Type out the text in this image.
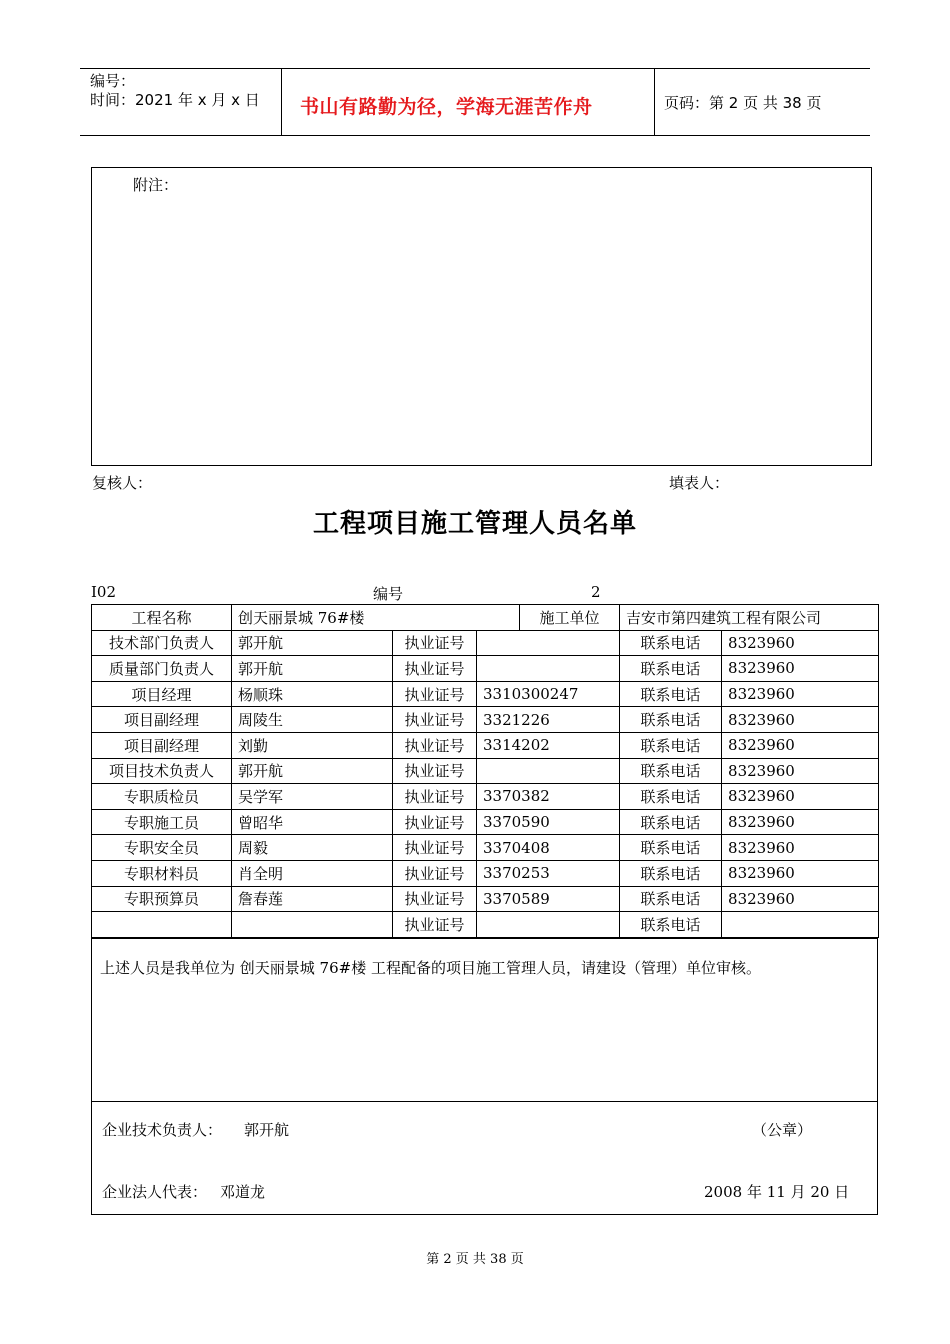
编号：
时间：2021 年 x 月 x 日 书山有路勤为径，学海无涯苦作舟	页码：第 2 页 共 38 页
附注：
复核人：	填表人：
工程项目施工管理人员名单
I02	编号	2
工程名称	创天丽景城 76#楼			施工单位	吉安市第四建筑工程有限公司	
技术部门负责人	郭开航	执业证号			联系电话	8323960
质量部门负责人	郭开航	执业证号			联系电话	8323960
项目经理	杨顺珠	执业证号	3310300247		联系电话	8323960
项目副经理	周陵生	执业证号	3321226		联系电话	8323960
项目副经理	刘勤	执业证号	3314202		联系电话	8323960
项目技术负责人	郭开航	执业证号			联系电话	8323960
专职质检员	吴学军	执业证号	3370382		联系电话	8323960
专职施工员	曾昭华	执业证号	3370590		联系电话	8323960
专职安全员	周毅	执业证号	3370408		联系电话	8323960
专职材料员	肖全明	执业证号	3370253		联系电话	8323960
专职预算员	詹春莲	执业证号	3370589		联系电话	8323960
		执业证号			联系电话	
上述人员是我单位为 创天丽景城 76#楼 工程配备的项目施工管理人员，请建设（管理）单位审核。
企业技术负责人： 郭开航	（公章）
企业法人代表： 邓道龙	2008 年 11 月 20 日
第 2 页 共 38 页
